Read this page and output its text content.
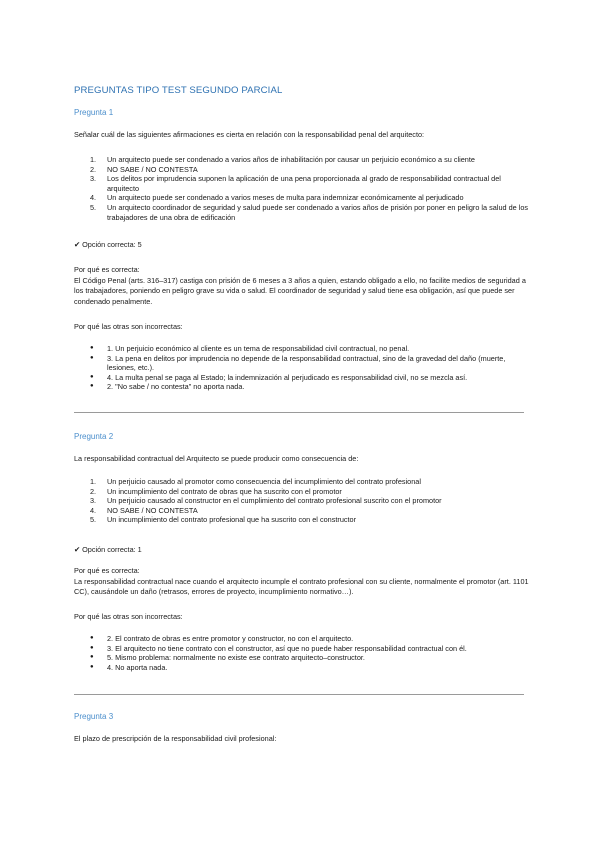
PREGUNTAS TIPO TEST SEGUNDO PARCIAL
Pregunta 1

Señalar cuál de las siguientes afirmaciones es cierta en relación con la responsabilidad penal del arquitecto:

1. Un arquitecto puede ser condenado a varios años de inhabilitación por causar un perjuicio económico a su cliente
2. NO SABE / NO CONTESTA
3. Los delitos por imprudencia suponen la aplicación de una pena proporcionada al grado de responsabilidad contractual del arquitecto
4. Un arquitecto puede ser condenado a varios meses de multa para indemnizar económicamente al perjudicado
5. Un arquitecto coordinador de seguridad y salud puede ser condenado a varios años de prisión por poner en peligro la salud de los trabajadores de una obra de edificación

✔ Opción correcta: 5

Por qué es correcta:

El Código Penal (arts. 316–317) castiga con prisión de 6 meses a 3 años a quien, estando obligado a ello, no facilite medios de seguridad a los trabajadores, poniendo en peligro grave su vida o salud. El coordinador de seguridad y salud tiene esa obligación, así que puede ser condenado penalmente.

Por qué las otras son incorrectas:

● 1. Un perjuicio económico al cliente es un tema de responsabilidad civil contractual, no penal.
● 3. La pena en delitos por imprudencia no depende de la responsabilidad contractual, sino de la gravedad del daño (muerte, lesiones, etc.).
● 4. La multa penal se paga al Estado; la indemnización al perjudicado es responsabilidad civil, no se mezcla así.
● 2. "No sabe / no contesta" no aporta nada.
Pregunta 2

La responsabilidad contractual del Arquitecto se puede producir como consecuencia de:

1. Un perjuicio causado al promotor como consecuencia del incumplimiento del contrato profesional
2. Un incumplimiento del contrato de obras que ha suscrito con el promotor
3. Un perjuicio causado al constructor en el cumplimiento del contrato profesional suscrito con el promotor
4. NO SABE / NO CONTESTA
5. Un incumplimiento del contrato profesional que ha suscrito con el constructor

✔ Opción correcta: 1

Por qué es correcta:

La responsabilidad contractual nace cuando el arquitecto incumple el contrato profesional con su cliente, normalmente el promotor (art. 1101 CC), causándole un daño (retrasos, errores de proyecto, incumplimiento normativo…).

Por qué las otras son incorrectas:

● 2. El contrato de obras es entre promotor y constructor, no con el arquitecto.
● 3. El arquitecto no tiene contrato con el constructor, así que no puede haber responsabilidad contractual con él.
● 5. Mismo problema: normalmente no existe ese contrato arquitecto–constructor.
● 4. No aporta nada.
Pregunta 3

El plazo de prescripción de la responsabilidad civil profesional:
